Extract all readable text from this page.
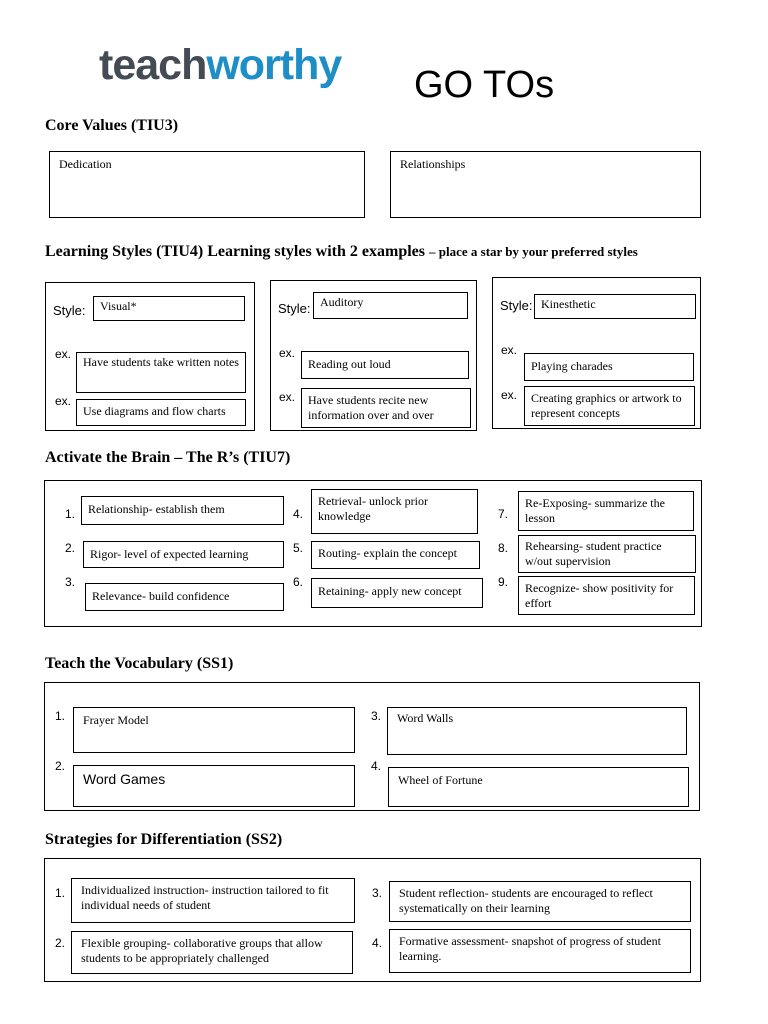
teachworthy GO TOs
Core Values (TIU3)
Dedication	Relationships
Learning Styles (TIU4) Learning styles with 2 examples – place a star by your preferred styles
Style:	Visual*
ex.
Have students take written notes
ex.
Use diagrams and flow charts
Style: Auditory
ex.
Reading out loud
ex.	Have students recite new information over and over
Style: Kinesthetic
ex.
Playing charades
ex.	Creating graphics or artwork to represent concepts
Activate the Brain – The R’s (TIU7)
1.	Relationship- establish them
2.	Rigor- level of expected learning
3.
Relevance- build confidence
4.
Retrieval- unlock prior knowledge
5.	Routing- explain the concept
6.
Retaining- apply new concept
7.
Re-Exposing- summarize the lesson
8.	Rehearsing- student practice w/out supervision
9.	Recognize- show positivity for effort
Teach the Vocabulary (SS1)
1.	Frayer Model
2.
Word Games
3.	Word Walls
4.
Wheel of Fortune
Strategies for Differentiation (SS2)
1.	Individualized instruction- instruction tailored to fit individual needs of student
2.	Flexible grouping- collaborative groups that allow students to be appropriately challenged
3.	Student reflection- students are encouraged to reflect systematically on their learning
4.	Formative assessment- snapshot of progress of student learning.
